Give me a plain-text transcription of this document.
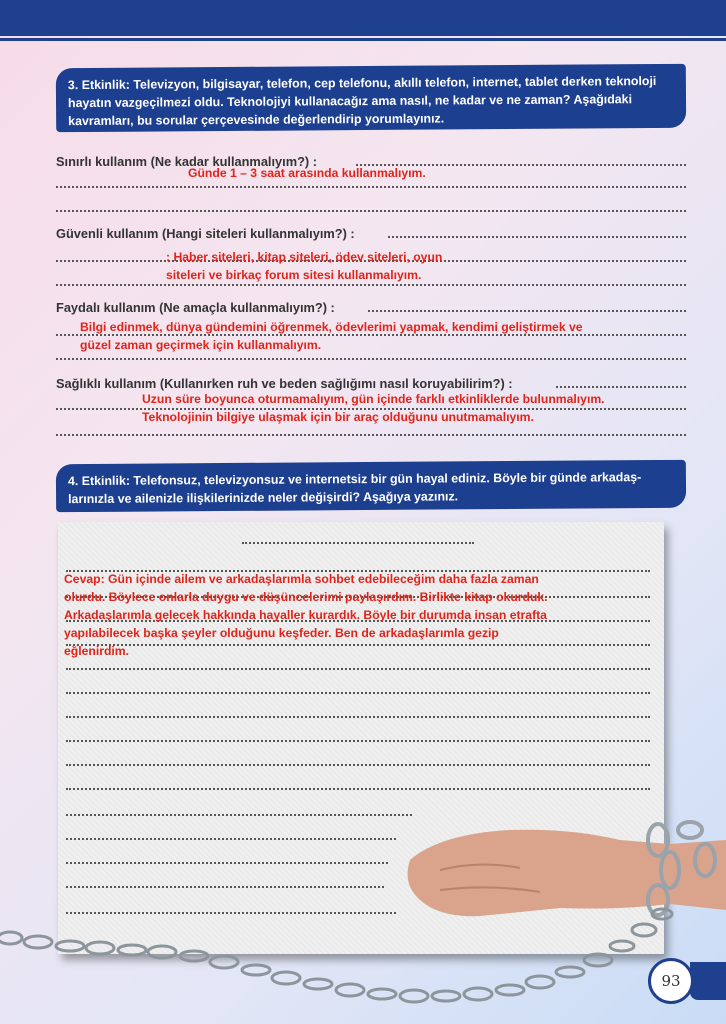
3. Etkinlik: Televizyon, bilgisayar, telefon, cep telefonu, akıllı telefon, internet, tablet derken teknoloji hayatın vazgeçilmezi oldu. Teknolojiyi kullanacağız ama nasıl, ne kadar ve ne zaman? Aşağıdaki kavramları, bu sorular çerçevesinde değerlendirip yorumlayınız.
Sınırlı kullanım (Ne kadar kullanmalıyım?) :
Günde 1 – 3 saat arasında kullanmalıyım.
Güvenli kullanım (Hangi siteleri kullanmalıyım?) :
: Haber siteleri, kitap siteleri, ödev siteleri, oyun
siteleri ve birkaç forum sitesi kullanmalıyım.
Faydalı kullanım (Ne amaçla kullanmalıyım?) :
Bilgi edinmek, dünya gündemini öğrenmek, ödevlerimi yapmak, kendimi geliştirmek ve
güzel zaman geçirmek için kullanmalıyım.
Sağlıklı kullanım (Kullanırken ruh ve beden sağlığımı nasıl koruyabilirim?) :
Uzun süre boyunca oturmamalıyım, gün içinde farklı etkinliklerde bulunmalıyım.
Teknolojinin bilgiye ulaşmak için bir araç olduğunu unutmamalıyım.
4. Etkinlik: Telefonsuz, televizyonsuz ve internetsiz bir gün hayal ediniz. Böyle bir günde arkadaş-
larınızla ve ailenizle ilişkilerinizde neler değişirdi? Aşağıya yazınız.
Cevap: Gün içinde ailem ve arkadaşlarımla sohbet edebileceğim daha fazla zaman
olurdu. Böylece onlarla duygu ve düşüncelerimi paylaşırdım. Birlikte kitap okurduk.
Arkadaşlarımla gelecek hakkında hayaller kurardık. Böyle bir durumda insan etrafta
yapılabilecek başka şeyler olduğunu keşfeder. Ben de arkadaşlarımla gezip
eğlenirdim.
93
